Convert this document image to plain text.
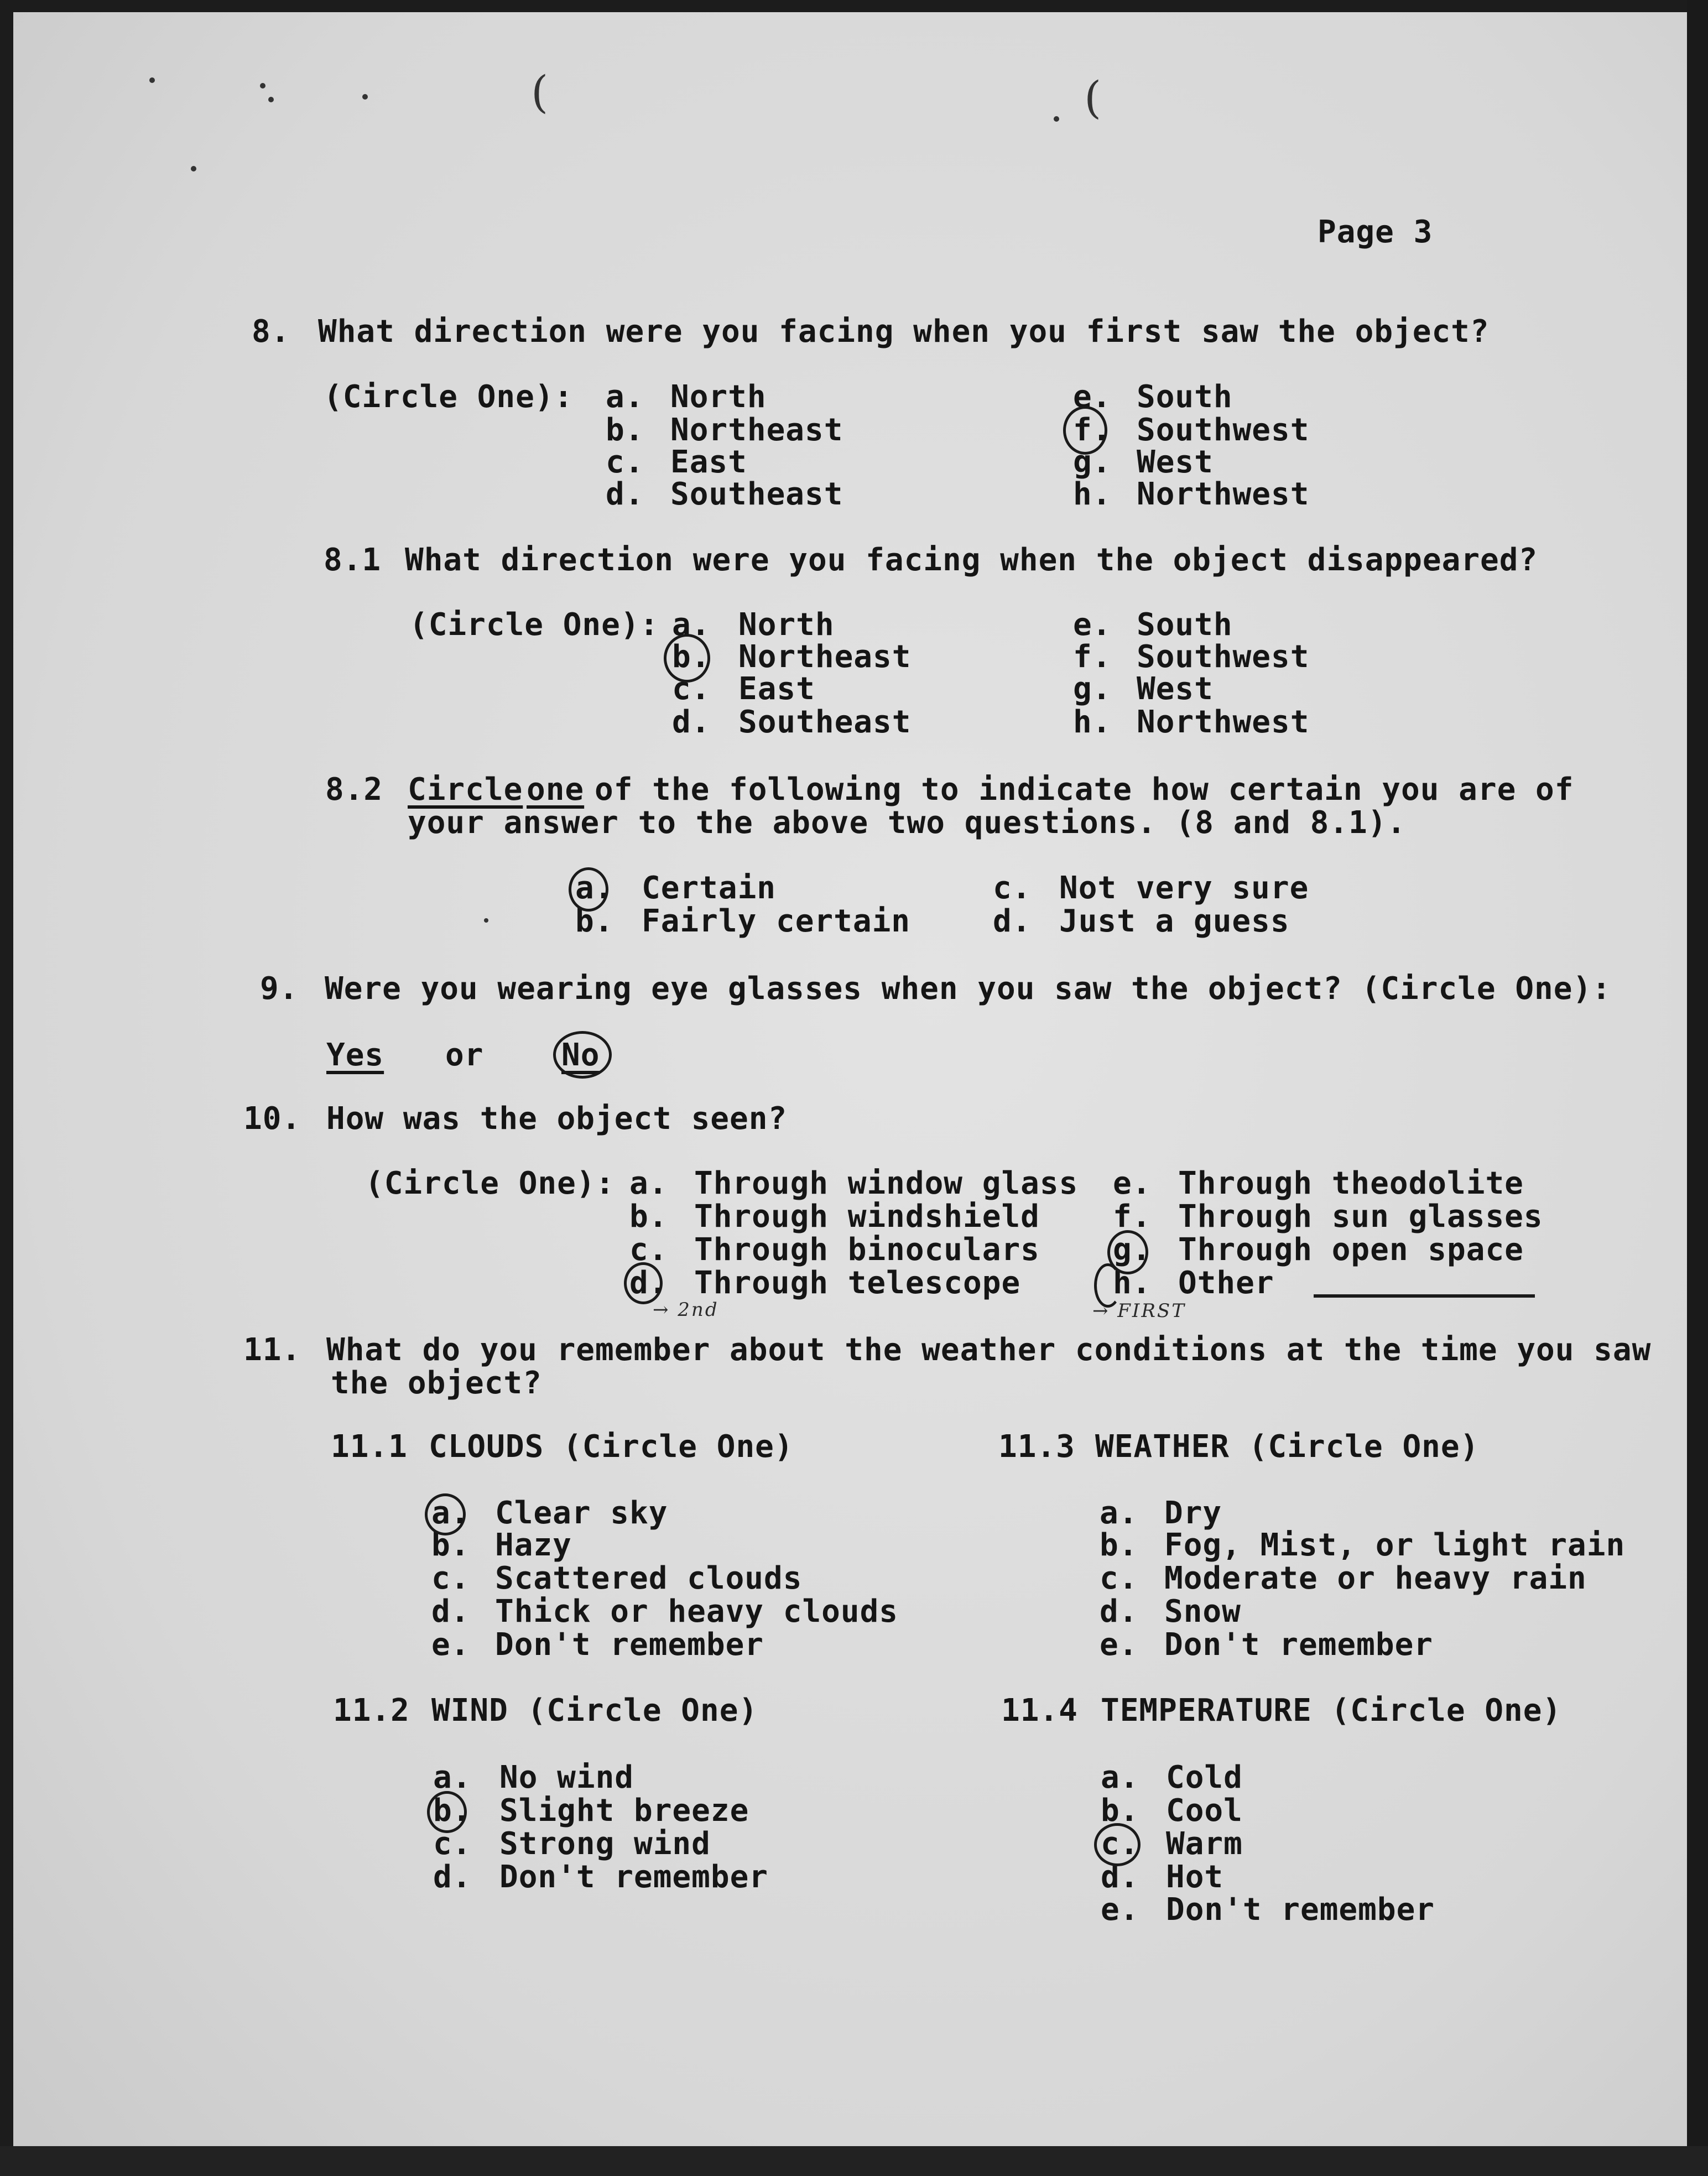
(	(
Page 3
8. What direction were you facing when you first saw the object?
(Circle One): a. North
b. Northeast
c. East
d. Southeast
e. South
f. Southwest
g. West
h. Northwest
8.1 What direction were you facing when the object disappeared?
(Circle One): a. North
b. Northeast
c. East
d. Southeast
e. South
f. Southwest
g. West
h. Northwest
8.2 Circle one of the following to indicate how certain you are of
your answer to the above two questions. (8 and 8.1).
a. Certain
b. Fairly certain
c. Not very sure
d. Just a guess
9. Were you wearing eye glasses when you saw the object? (Circle One):
Yes or	No
10. How was the object seen?
(Circle One): a. Through window glass
b. Through windshield
c. Through binoculars
d. Through telescope
e. Through theodolite
f. Through sun glasses
g. Through open space
h. Other
→ 2nd	→ FIRST
11. What do you remember about the weather conditions at the time you saw
the object?
11.1 CLOUDS (Circle One)
a. Clear sky
b. Hazy
c. Scattered clouds
d. Thick or heavy clouds
e. Don't remember
11.2 WIND (Circle One)
a. No wind
b. Slight breeze
c. Strong wind
d. Don't remember
11.3 WEATHER (Circle One)
a. Dry
b. Fog, Mist, or light rain
c. Moderate or heavy rain
d. Snow
e. Don't remember
11.4 TEMPERATURE (Circle One)
a. Cold
b. Cool
c. Warm
d. Hot
e. Don't remember
